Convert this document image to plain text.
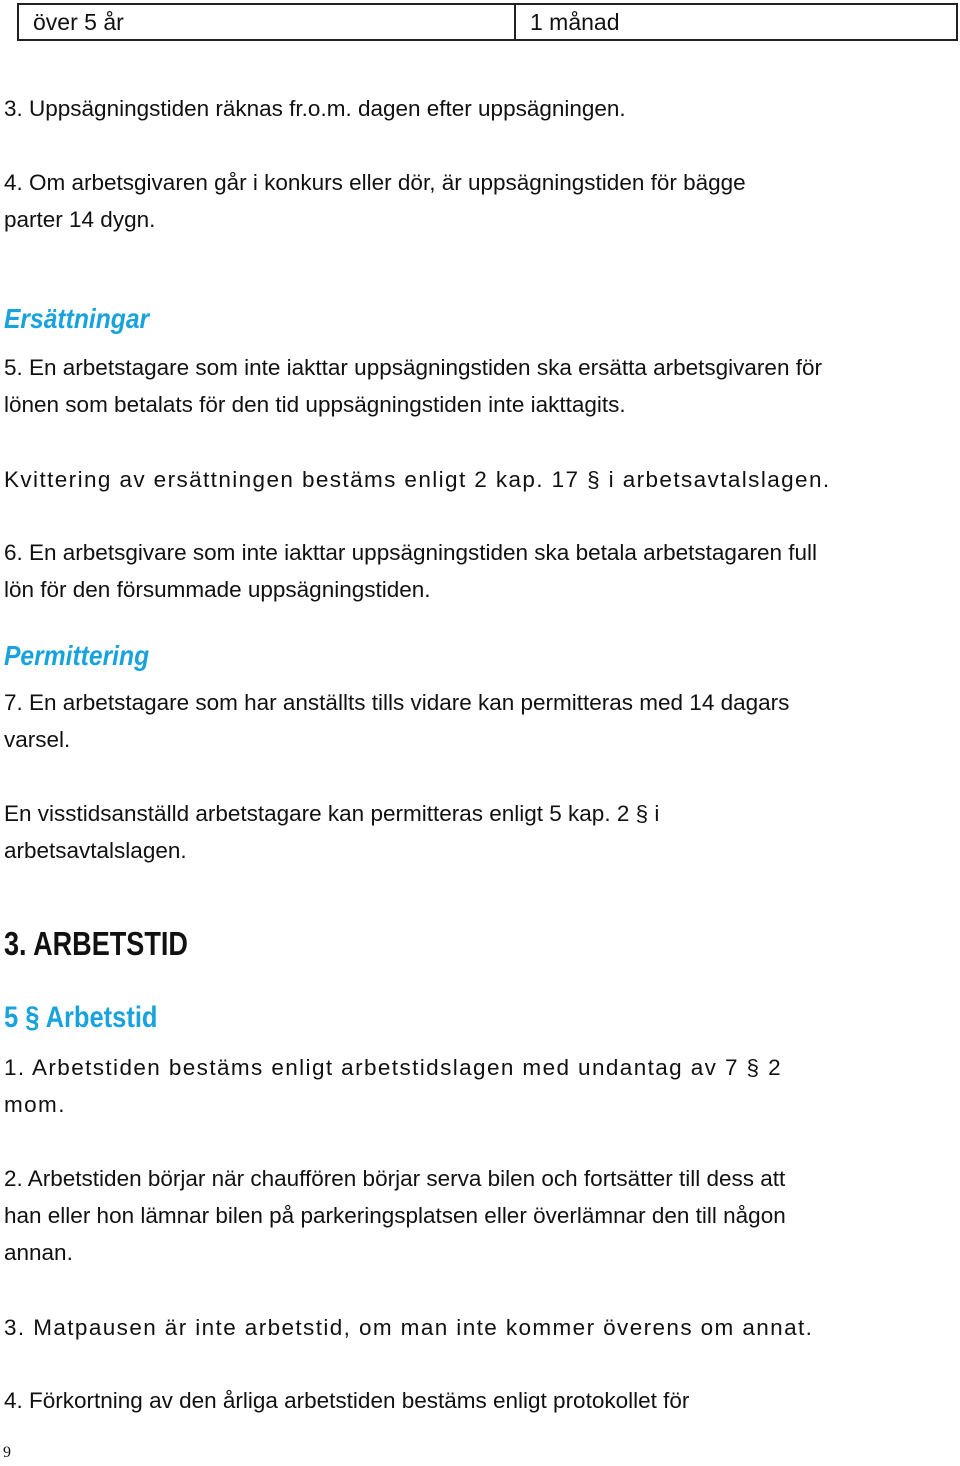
över 5 år	1 månad

3. Uppsägningstiden räknas fr.o.m. dagen efter uppsägningen.

4. Om arbetsgivaren går i konkurs eller dör, är uppsägningstiden för bägge

parter 14 dygn.

Ersättningar

5. En arbetstagare som inte iakttar uppsägningstiden ska ersätta arbetsgivaren för

lönen som betalats för den tid uppsägningstiden inte iakttagits.

Kvittering av ersättningen bestäms enligt 2 kap. 17 § i arbetsavtalslagen.

6. En arbetsgivare som inte iakttar uppsägningstiden ska betala arbetstagaren full

lön för den försummade uppsägningstiden.

Permittering

7. En arbetstagare som har anställts tills vidare kan permitteras med 14 dagars

varsel.

En visstidsanställd arbetstagare kan permitteras enligt 5 kap. 2 § i

arbetsavtalslagen.

3. ARBETSTID
5 § Arbetstid

1. Arbetstiden bestäms enligt arbetstidslagen med undantag av 7 § 2

mom.

2. Arbetstiden börjar när chauffören börjar serva bilen och fortsätter till dess att

han eller hon lämnar bilen på parkeringsplatsen eller överlämnar den till någon

annan.

3. Matpausen är inte arbetstid, om man inte kommer överens om annat.

4. Förkortning av den årliga arbetstiden bestäms enligt protokollet för

9
